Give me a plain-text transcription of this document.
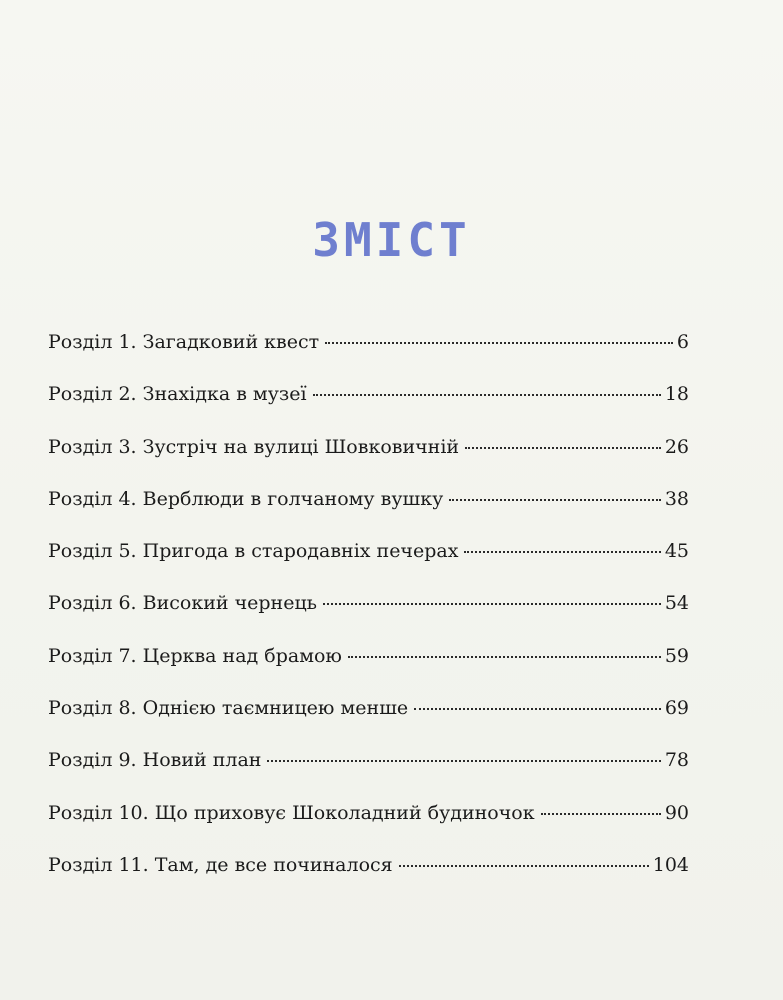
ЗМІСТ
Розділ 1. Загадковий квест	6
Розділ 2. Знахідка в музеї	18
Розділ 3. Зустріч на вулиці Шовковичній	26
Розділ 4. Верблюди в голчаному вушку	38
Розділ 5. Пригода в стародавніх печерах	45
Розділ 6. Високий чернець	54
Розділ 7. Церква над брамою	59
Розділ 8. Однією таємницею менше	69
Розділ 9. Новий план	78
Розділ 10. Що приховує Шоколадний будиночок	90
Розділ 11. Там, де все починалося	104
